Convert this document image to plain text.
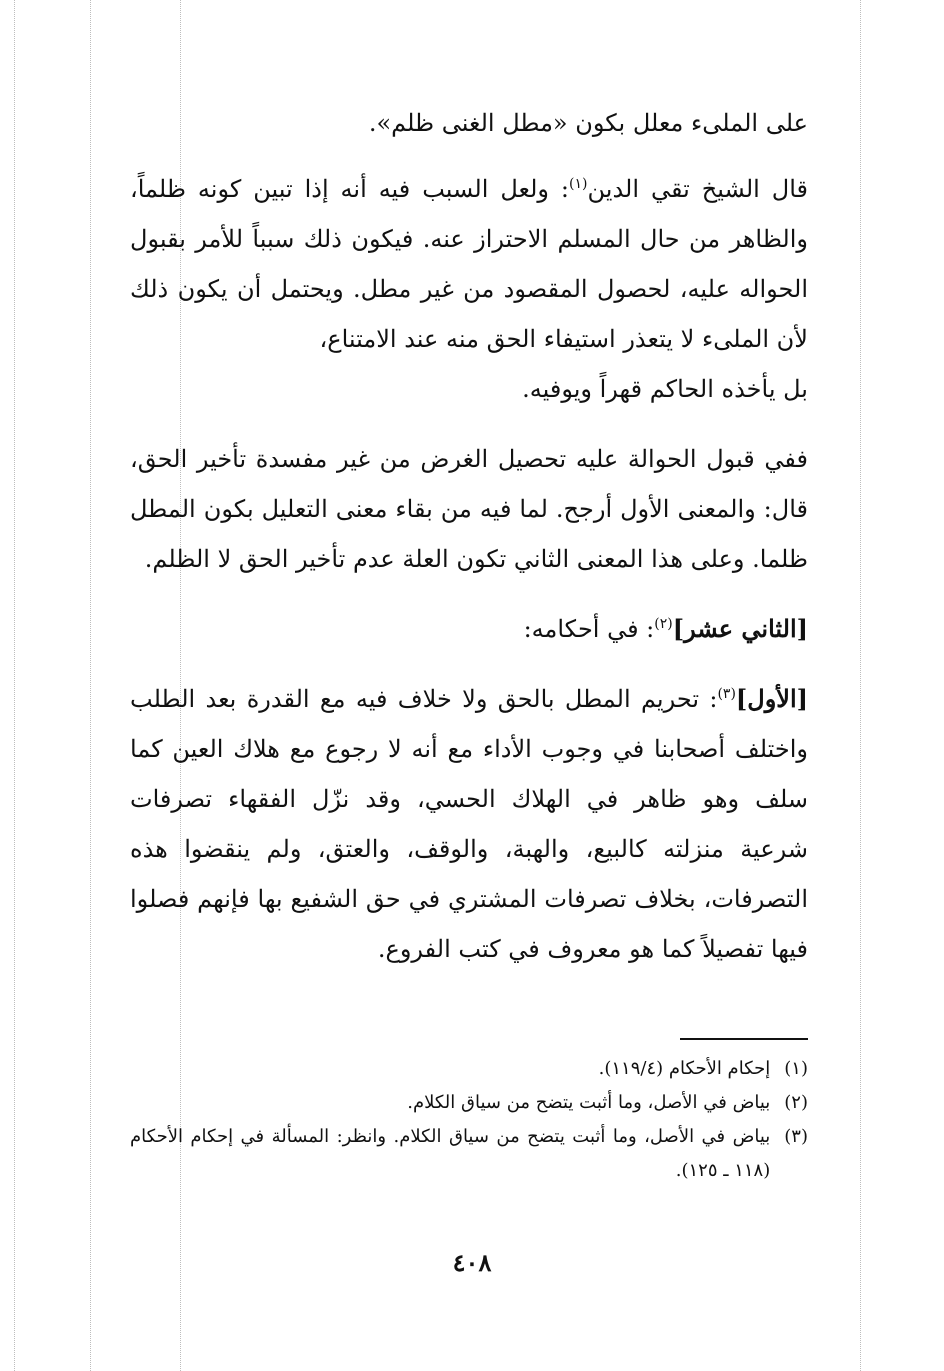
على الملىء معلل بكون «مطل الغنى ظلم».

قال الشيخ تقي الدين$^{(١)}$: ولعل السبب فيه أنه إذا تبين كونه ظلماً، والظاهر من حال المسلم الاحتراز عنه. فيكون ذلك سبباً للأمر بقبول الحواله عليه، لحصول المقصود من غير مطل. ويحتمل أن يكون ذلك لأن الملىء لا يتعذر استيفاء الحق منه عند الامتناع،
بل يأخذه الحاكم قهراً ويوفيه.

ففي قبول الحوالة عليه تحصيل الغرض من غير مفسدة تأخير الحق، قال: والمعنى الأول أرجح. لما فيه من بقاء معنى التعليل بكون المطل ظلما. وعلى هذا المعنى الثاني تكون العلة عدم تأخير الحق لا الظلم.

[الثاني عشر]$^{(٢)}$: في أحكامه:

[الأول]$^{(٣)}$: تحريم المطل بالحق ولا خلاف فيه مع القدرة بعد الطلب واختلف أصحابنا في وجوب الأداء مع أنه لا رجوع مع هلاك العين كما سلف وهو ظاهر في الهلاك الحسي، وقد نزّل الفقهاء تصرفات شرعية منزلته كالبيع، والهبة، والوقف، والعتق، ولم ينقضوا هذه التصرفات، بخلاف تصرفات المشتري في حق الشفيع بها فإنهم فصلوا فيها تفصيلاً كما هو معروف في كتب الفروع.

(١)
إحكام الأحكام (١١٩/٤).
(٢)
بياض في الأصل، وما أثبت يتضح من سياق الكلام.
(٣)
بياض في الأصل، وما أثبت يتضح من سياق الكلام. وانظر: المسألة في إحكام الأحكام (١١٨ ـ ١٢٥).
٤٠٨
